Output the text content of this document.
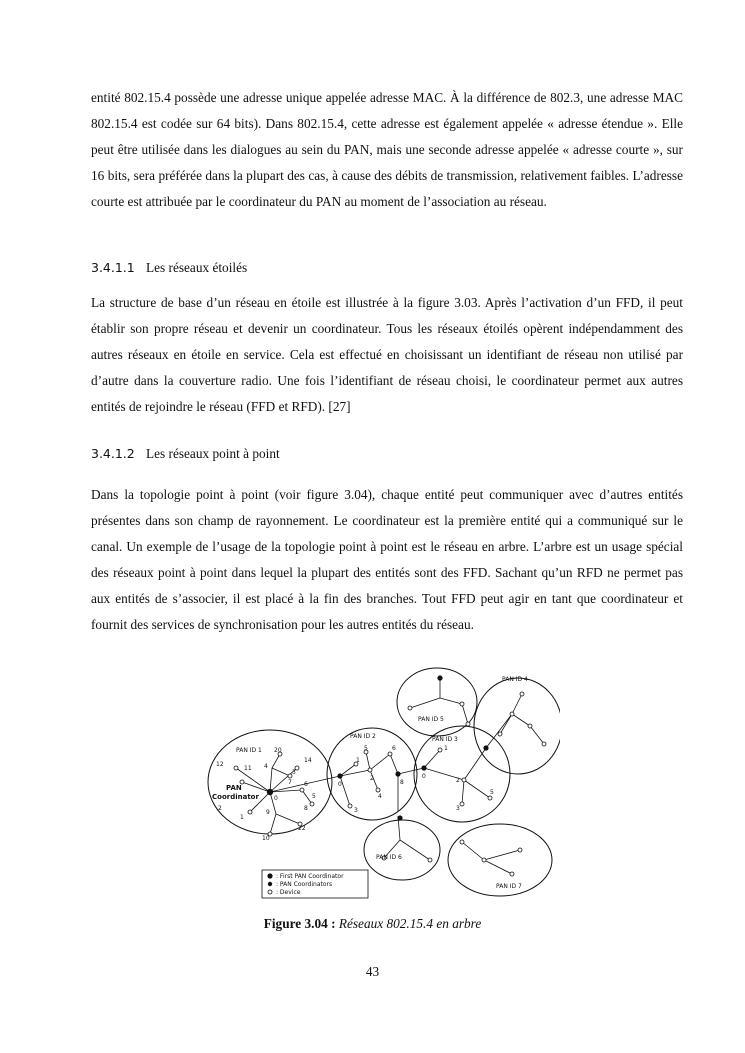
entité 802.15.4 possède une adresse unique appelée adresse MAC. À la différence de 802.3, une adresse MAC 802.15.4 est codée sur 64 bits). Dans 802.15.4, cette adresse est également appelée « adresse étendue ». Elle peut être utilisée dans les dialogues au sein du PAN, mais une seconde adresse appelée « adresse courte », sur 16 bits, sera préférée dans la plupart des cas, à cause des débits de transmission, relativement faibles. L’adresse courte est attribuée par le coordinateur du PAN au moment de l’association au réseau.

3.4.1.1 Les réseaux étoilés

La structure de base d’un réseau en étoile est illustrée à la figure 3.03. Après l’activation d’un FFD, il peut établir son propre réseau et devenir un coordinateur. Tous les réseaux étoilés opèrent indépendamment des autres réseaux en étoile en service. Cela est effectué en choisissant un identifiant de réseau non utilisé par d’autre dans la couverture radio. Une fois l’identifiant de réseau choisi, le coordinateur permet aux autres entités de rejoindre le réseau (FFD et RFD). [27]

3.4.1.2 Les réseaux point à point

Dans la topologie point à point (voir figure 3.04), chaque entité peut communiquer avec d’autres entités présentes dans son champ de rayonnement. Le coordinateur est la première entité qui a communiqué sur le canal. Un exemple de l’usage de la topologie point à point est le réseau en arbre. L’arbre est un usage spécial des réseaux point à point dans lequel la plupart des entités sont des FFD. Sachant qu’un RFD ne permet pas aux entités de s’associer, il est placé à la fin des branches. Tout FFD peut agir en tant que coordinateur et fournit des services de synchronisation pour les autres entités du réseau.

PAN ID 1
PAN ID 2	PAN ID 3
PAN ID 4
PAN ID 5
PAN ID 6
PAN ID 7
PAN
Coordinator
12
11
20
4
14
3
2
1
0
6
9
5
8
10
22
7
5	6
1
2
0	8
4
3
1
0
2
5
3
: First PAN Coordinator
: PAN Coordinators
: Device

Figure 3.04 : Réseaux 802.15.4 en arbre

43
